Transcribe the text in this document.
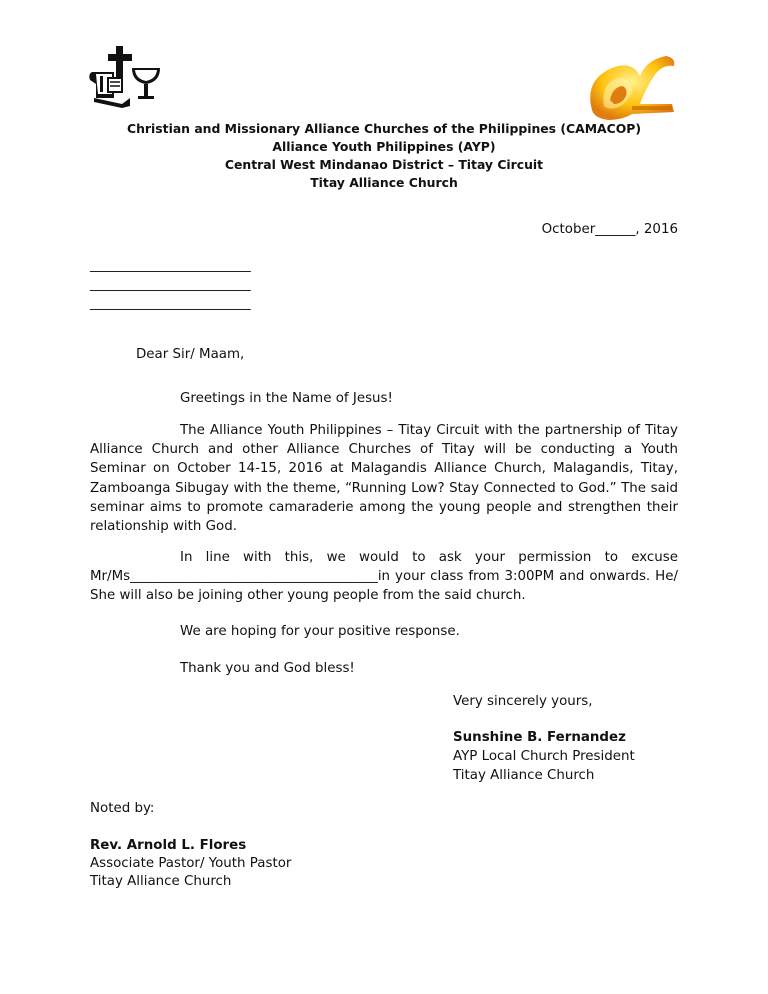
Christian and Missionary Alliance Churches of the Philippines (CAMACOP)
Alliance Youth Philippines (AYP)
Central West Mindanao District – Titay Circuit
Titay Alliance Church
October______, 2016
________________________
________________________
________________________
Dear Sir/ Maam,
Greetings in the Name of Jesus!
The Alliance Youth Philippines – Titay Circuit with the partnership of Titay Alliance Church and other Alliance Churches of Titay will be conducting a Youth Seminar on October 14-15, 2016 at Malagandis Alliance Church, Malagandis, Titay, Zamboanga Sibugay with the theme, “Running Low? Stay Connected to God.” The said seminar aims to promote camaraderie among the young people and strengthen their relationship with God.
In line with this, we would to ask your permission to excuse Mr/Ms_____________________________________in your class from 3:00PM and onwards. He/ She will also be joining other young people from the said church.
We are hoping for your positive response.
Thank you and God bless!
Very sincerely yours,
Sunshine B. Fernandez
AYP Local Church President
Titay Alliance Church
Noted by:
Rev. Arnold L. Flores
Associate Pastor/ Youth Pastor
Titay Alliance Church
